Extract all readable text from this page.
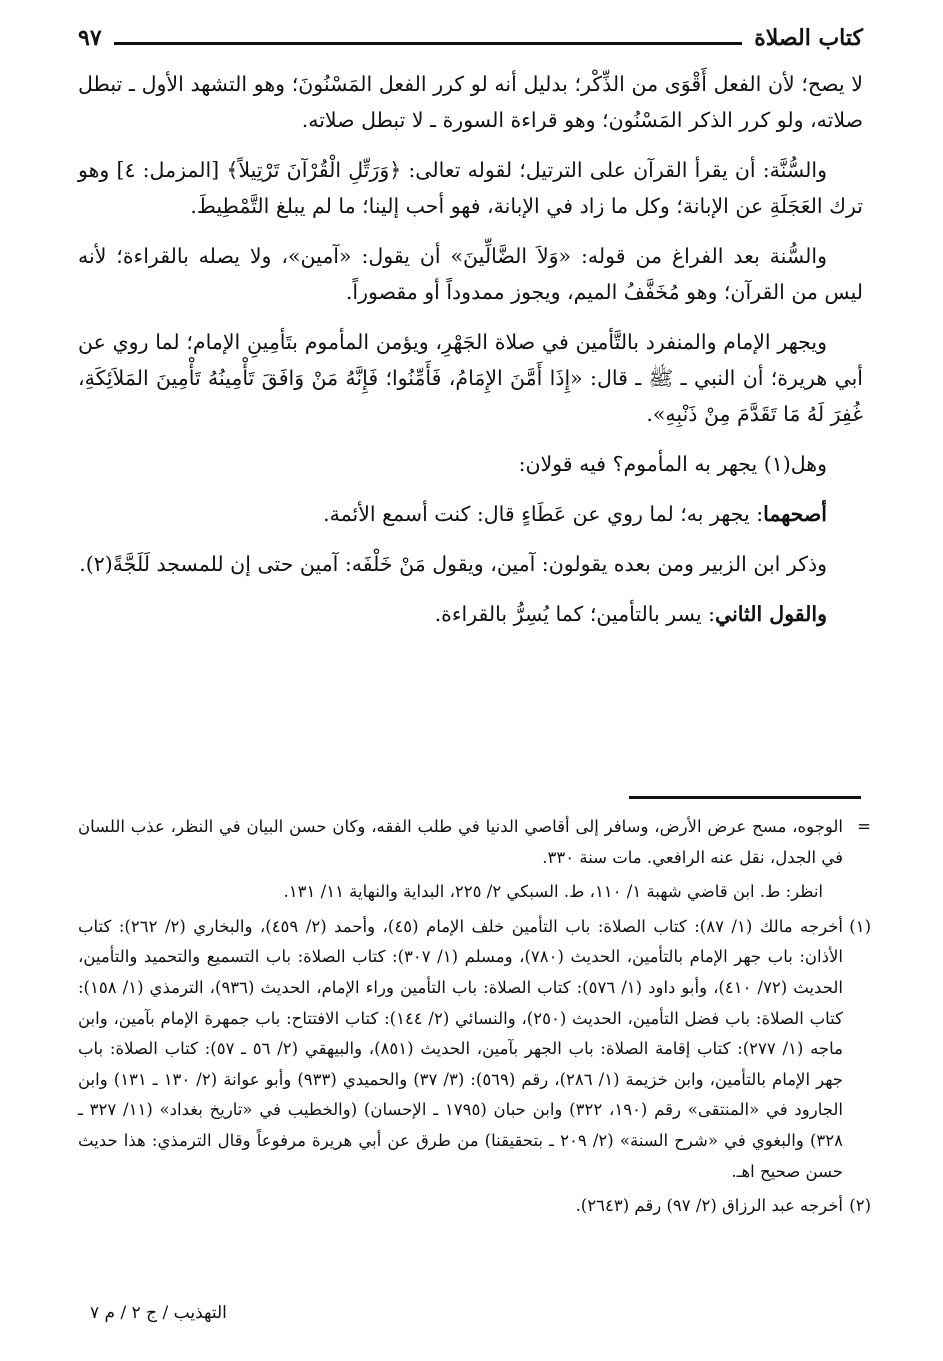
كتاب الصلاة
٩٧

لا يصح؛ لأن الفعل أَقْوَى من الذِّكْر؛ بدليل أنه لو كرر الفعل المَسْنُونَ؛ وهو التشهد الأول ـ تبطل صلاته، ولو كرر الذكر المَسْنُون؛ وهو قراءة السورة ـ لا تبطل صلاته.

والسُّنَّة: أن يقرأ القرآن على الترتيل؛ لقوله تعالى: ﴿وَرَتِّلِ الْقُرْآنَ تَرْتِيلاً﴾ [المزمل: ٤] وهو ترك العَجَلَةِ عن الإبانة؛ وكل ما زاد في الإبانة، فهو أحب إلينا؛ ما لم يبلغ التَّمْطِيطَ.

والسُّنة بعد الفراغ من قوله: «وَلاَ الضَّالِّينَ» أن يقول: «آمين»، ولا يصله بالقراءة؛ لأنه ليس من القرآن؛ وهو مُخَفَّفُ الميم، ويجوز ممدوداً أو مقصوراً.

ويجهر الإمام والمنفرد بالتَّأمين في صلاة الجَهْرِ، ويؤمن المأموم بتَأمِينِ الإمام؛ لما روي عن أبي هريرة؛ أن النبي ـ ﷺ ـ قال: «إِذَا أَمَّنَ الإِمَامُ، فَأَمِّنُوا؛ فَإِنَّهُ مَنْ وَافَقَ تَأْمِينُهُ تَأْمِينَ المَلاَئِكَةِ، غُفِرَ لَهُ مَا تَقَدَّمَ مِنْ ذَنْبِهِ».

وهل(١) يجهر به المأموم؟ فيه قولان:

أصحهما: يجهر به؛ لما روي عن عَطَاءٍ قال: كنت أسمع الأئمة.

وذكر ابن الزبير ومن بعده يقولون: آمين، ويقول مَنْ خَلْفَه: آمين حتى إن للمسجد لَلَجَّةً(٢).

والقول الثاني: يسر بالتأمين؛ كما يُسِرُّ بالقراءة.

=
الوجوه، مسح عرض الأرض، وسافر إلى أقاصي الدنيا في طلب الفقه، وكان حسن البيان في النظر، عذب اللسان في الجدل، نقل عنه الرافعي. مات سنة ٣٣٠.

انظر: ط. ابن قاضي شهبة ١/ ١١٠، ط. السبكي ٢/ ٢٢٥، البداية والنهاية ١١/ ١٣١.

(١)
أخرجه مالك (١/ ٨٧): كتاب الصلاة: باب التأمين خلف الإمام (٤٥)، وأحمد (٢/ ٤٥٩)، والبخاري (٢/ ٢٦٢): كتاب الأذان: باب جهر الإمام بالتأمين، الحديث (٧٨٠)، ومسلم (١/ ٣٠٧): كتاب الصلاة: باب التسميع والتحميد والتأمين، الحديث (٧٢/ ٤١٠)، وأبو داود (١/ ٥٧٦): كتاب الصلاة: باب التأمين وراء الإمام، الحديث (٩٣٦)، الترمذي (١/ ١٥٨): كتاب الصلاة: باب فضل التأمين، الحديث (٢٥٠)، والنسائي (٢/ ١٤٤): كتاب الافتتاح: باب جمهرة الإمام بآمين، وابن ماجه (١/ ٢٧٧): كتاب إقامة الصلاة: باب الجهر بآمين، الحديث (٨٥١)، والبيهقي (٢/ ٥٦ ـ ٥٧): كتاب الصلاة: باب جهر الإمام بالتأمين، وابن خزيمة (١/ ٢٨٦)، رقم (٥٦٩): (٣/ ٣٧) والحميدي (٩٣٣) وأبو عوانة (٢/ ١٣٠ ـ ١٣١) وابن الجارود في «المنتقى» رقم (١٩٠، ٣٢٢) وابن حبان (١٧٩٥ ـ الإحسان) (والخطيب في «تاريخ بغداد» (١١/ ٣٢٧ ـ ٣٢٨) والبغوي في «شرح السنة» (٢/ ٢٠٩ ـ بتحقيقنا) من طرق عن أبي هريرة مرفوعاً وقال الترمذي: هذا حديث حسن صحيح اهـ.

(٢)
أخرجه عبد الرزاق (٢/ ٩٧) رقم (٢٦٤٣).

التهذيب / ج ٢ / م ٧
